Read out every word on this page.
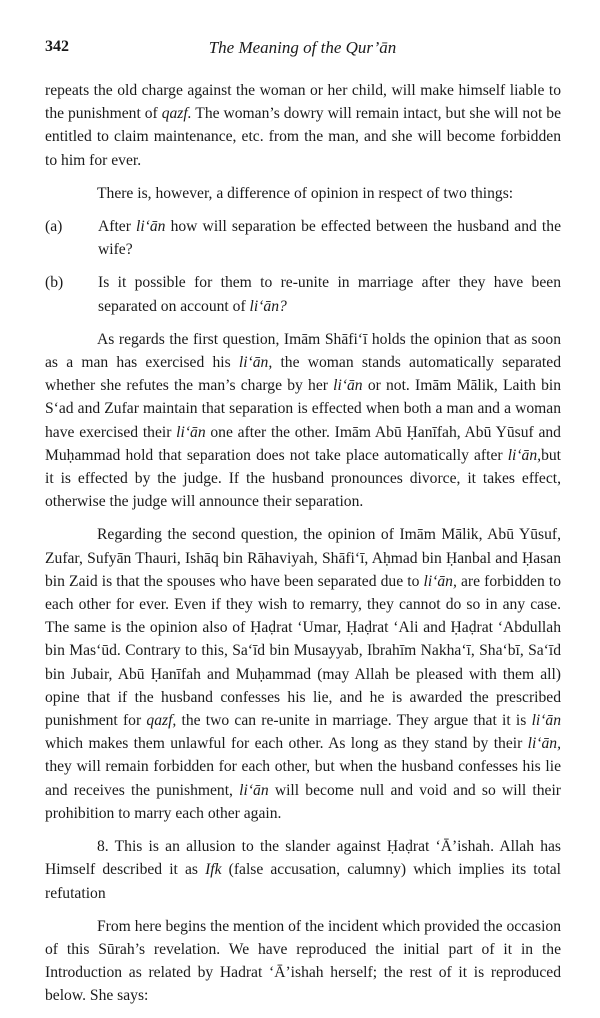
342	The Meaning of the Qur’ān

repeats the old charge against the woman or her child, will make himself liable to the punishment of qazf. The woman’s dowry will remain intact, but she will not be entitled to claim maintenance, etc. from the man, and she will become forbidden to him for ever.

There is, however, a difference of opinion in respect of two things:

(a)	After li‘ān how will separation be effected between the husband and the wife?
(b)	Is it possible for them to re-unite in marriage after they have been separated on account of li‘ān?

As regards the first question, Imām Shāfi‘ī holds the opinion that as soon as a man has exercised his li‘ān, the woman stands automatically separated whether she refutes the man’s charge by her li‘ān or not. Imām Mālik, Laith bin S‘ad and Zufar maintain that separation is effected when both a man and a woman have exercised their li‘ān one after the other. Imām Abū Ḥanīfah, Abū Yūsuf and Muḥammad hold that separation does not take place automatically after li‘ān,but it is effected by the judge. If the husband pronounces divorce, it takes effect, otherwise the judge will announce their separation.

Regarding the second question, the opinion of Imām Mālik, Abū Yūsuf, Zufar, Sufyān Thauri, Ishāq bin Rāhaviyah, Shāfi‘ī, Aḥmad bin Ḥanbal and Ḥasan bin Zaid is that the spouses who have been separated due to li‘ān, are forbidden to each other for ever. Even if they wish to remarry, they cannot do so in any case. The same is the opinion also of Ḥaḍrat ‘Umar, Ḥaḍrat ‘Ali and Ḥaḍrat ‘Abdullah bin Mas‘ūd. Contrary to this, Sa‘īd bin Musayyab, Ibrahīm Nakha‘ī, Sha‘bī, Sa‘īd bin Jubair, Abū Ḥanīfah and Muḥammad (may Allah be pleased with them all) opine that if the husband confesses his lie, and he is awarded the prescribed punishment for qazf, the two can re-unite in marriage. They argue that it is li‘ān which makes them unlawful for each other. As long as they stand by their li‘ān, they will remain forbidden for each other, but when the husband confesses his lie and receives the punishment, li‘ān will become null and void and so will their prohibition to marry each other again.

8. This is an allusion to the slander against Ḥaḍrat ‘Ā’ishah. Allah has Himself described it as Ifk (false accusation, calumny) which implies its total refutation

From here begins the mention of the incident which provided the occasion of this Sūrah’s revelation. We have reproduced the initial part of it in the Introduction as related by Hadrat ‘Ā’ishah herself; the rest of it is reproduced below. She says:
